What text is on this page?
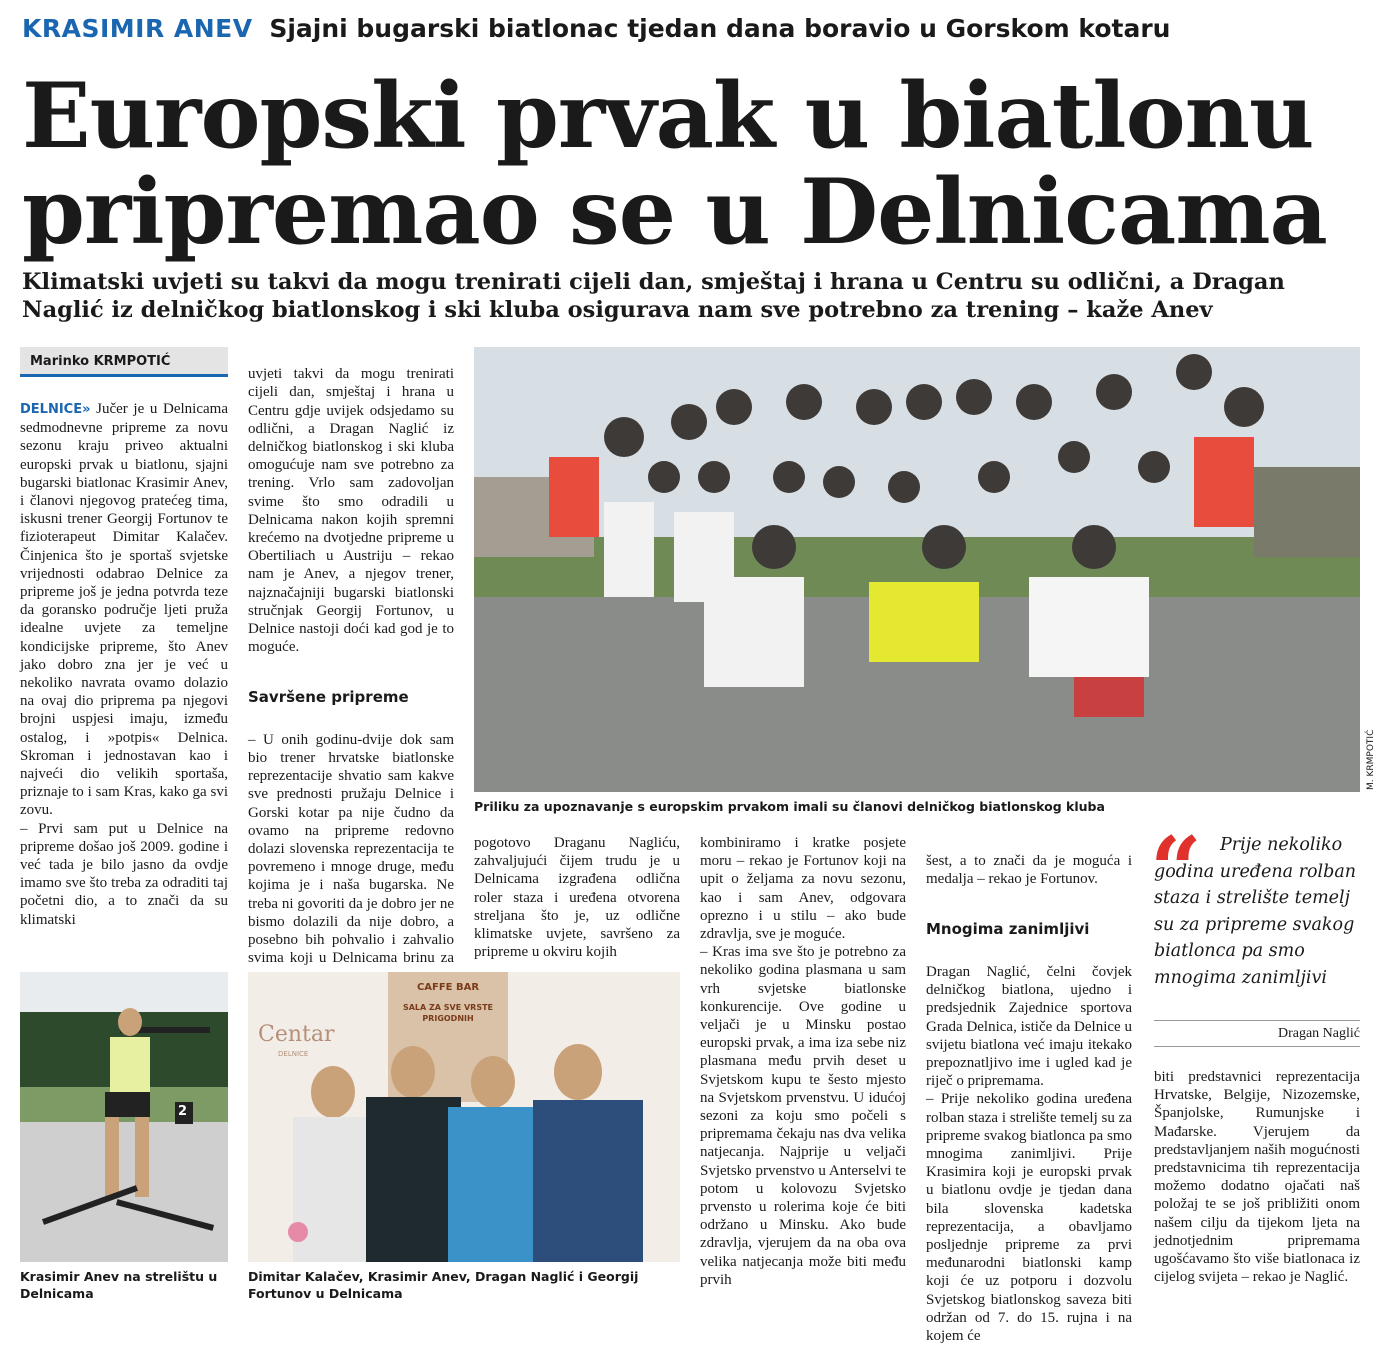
KRASIMIR ANEV Sjajni bugarski biatlonac tjedan dana boravio u Gorskom kotaru
Europski prvak u biatlonu pripremao se u Delnicama
Klimatski uvjeti su takvi da mogu trenirati cijeli dan, smještaj i hrana u Centru su odlični, a Dragan Naglić iz delničkog biatlonskog i ski kluba osigurava nam sve potrebno za trening – kaže Anev
Marinko KRMPOTIĆ
DELNICE» Jučer je u Delnicama sedmodnevne pripreme za novu sezonu kraju priveo aktualni europski prvak u biatlonu, sjajni bugarski biatlonac Krasimir Anev, i članovi njegovog pratećeg tima, iskusni trener Georgij Fortunov te fizioterapeut Dimitar Kalačev. Činjenica što je sportaš svjetske vrijednosti odabrao Delnice za pripreme još je jedna potvrda teze da goransko područje ljeti pruža idealne uvjete za temeljne kondicijske pripreme, što Anev jako dobro zna jer je već u nekoliko navrata ovamo dolazio na ovaj dio priprema pa njegovi brojni uspjesi imaju, između ostalog, i »potpis« Delnica. Skroman i jednostavan kao i najveći dio velikih sportaša, priznaje to i sam Kras, kako ga svi zovu.
– Prvi sam put u Delnice na pripreme došao još 2009. godine i već tada je bilo jasno da ovdje imamo sve što treba za odraditi taj početni dio, a to znači da su klimatski

uvjeti takvi da mogu trenirati cijeli dan, smještaj i hrana u Centru gdje uvijek odsjedamo su odlični, a Dragan Naglić iz delničkog biatlonskog i ski kluba omogućuje nam sve potrebno za trening. Vrlo sam zadovoljan svime što smo odradili u Delnicama nakon kojih spremni krećemo na dvotjedne pripreme u Obertiliach u Austriju – rekao nam je Anev, a njegov trener, najznačajniji bugarski biatlonski stručnjak Georgij Fortunov, u Delnice nastoji doći kad god je to moguće.

Savršene pripreme

– U onih godinu-dvije dok sam bio trener hrvatske biatlonske reprezentacije shvatio sam kakve sve prednosti pružaju Delnice i Gorski kotar pa nije čudno da ovamo na pripreme redovno dolazi slovenska reprezentacija te povremeno i mnoge druge, među kojima je i naša bugarska. Ne treba ni govoriti da je dobro jer ne bismo dolazili da nije dobro, a posebno bih pohvalio i zahvalio svima koji u Delnicama brinu za

Priliku za upoznavanje s europskim prvakom imali su članovi delničkog biatlonskog kluba
M. KRMPOTIĆ
pogotovo Draganu Nagliću, zahvaljujući čijem trudu je u Delnicama izgrađena odlična roler staza i uređena otvorena streljana što je, uz odlične klimatske uvjete, savršeno za pripreme u okviru kojih
kombiniramo i kratke posjete moru – rekao je Fortunov koji na upit o željama za novu sezonu, kao i sam Anev, odgovara oprezno i u stilu – ako bude zdravlja, sve je moguće.
– Kras ima sve što je potrebno za nekoliko godina plasmana u sam vrh svjetske biatlonske konkurencije. Ove godine u veljači je u Minsku postao europski prvak, a ima iza sebe niz plasmana među prvih deset u Svjetskom kupu te šesto mjesto na Svjetskom prvenstvu. U idućoj sezoni za koju smo počeli s pripremama čekaju nas dva velika natjecanja. Najprije u veljači Svjetsko prvenstvo u Anterselvi te potom u kolovozu Svjetsko prvensto u rolerima koje će biti održano u Minsku. Ako bude zdravlja, vjerujem da na oba ova velika natjecanja može biti među prvih

šest, a to znači da je moguća i medalja – rekao je Fortunov.

Mnogima zanimljivi

Dragan Naglić, čelni čovjek delničkog biatlona, ujedno i predsjednik Zajednice sportova Grada Delnica, ističe da Delnice u svijetu biatlona već imaju itekako prepoznatljivo ime i ugled kad je riječ o pripremama.
– Prije nekoliko godina uređena rolban staza i strelište temelj su za pripreme svakog biatlonca pa smo mnogima zanimljivi. Prije Krasimira koji je europski prvak u biatlonu ovdje je tjedan dana bila slovenska kadetska reprezentacija, a obavljamo posljednje pripreme za prvi međunarodni biatlonski kamp koji će uz potporu i dozvolu Svjetskog biatlonskog saveza biti održan od 7. do 15. rujna i na kojem će

“	Prije nekoliko godina uređena rolban staza i strelište temelj su za pripreme svakog biatlonca pa smo mnogima zanimljivi
Dragan Naglić
biti predstavnici reprezentacija Hrvatske, Belgije, Nizozemske, Španjolske, Rumunjske i Mađarske. Vjerujem da predstavljanjem naših mogućnosti predstavnicima tih reprezentacija možemo dodatno ojačati naš položaj te se još približiti onom našem cilju da tijekom ljeta na jednotjednim pripremama ugošćavamo što više biatlonaca iz cijelog svijeta – rekao je Naglić.
2
Krasimir Anev na strelištu u Delnicama
CAFFE BAR
SALA ZA SVE VRSTE PRIGODNIH
Centar
DELNICE
Dimitar Kalačev, Krasimir Anev, Dragan Naglić i Georgij Fortunov u Delnicama
